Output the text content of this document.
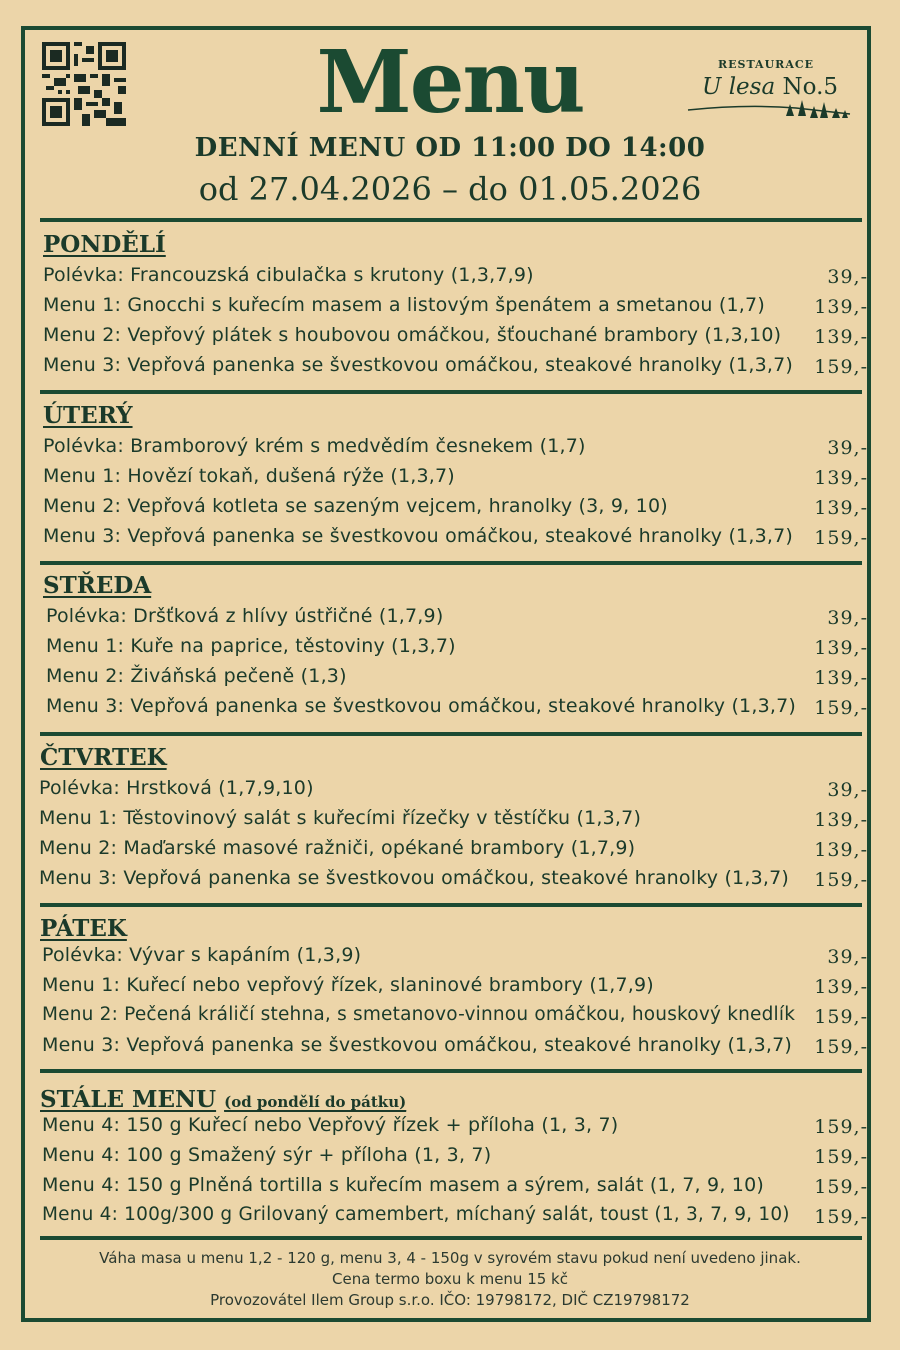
Menu	RESTAURACE
U lesa No.5
DENNÍ MENU OD 11:00 DO 14:00
od 27.04.2026 – do 01.05.2026
PONDĚLÍ
Polévka: Francouzská cibulačka s krutony (1,3,7,9)	39,-
Menu 1: Gnocchi s kuřecím masem a listovým špenátem a smetanou (1,7)	139,-
Menu 2: Vepřový plátek s houbovou omáčkou, šťouchané brambory (1,3,10) 139,-
Menu 3: Vepřová panenka se švestkovou omáčkou, steakové hranolky (1,3,7) 159,-
ÚTERÝ
Polévka: Bramborový krém s medvědím česnekem (1,7)	39,-
Menu 1: Hovězí tokaň, dušená rýže (1,3,7)	139,-
Menu 2: Vepřová kotleta se sazeným vejcem, hranolky (3, 9, 10)	139,-
Menu 3: Vepřová panenka se švestkovou omáčkou, steakové hranolky (1,3,7) 159,-
STŘEDA
Polévka: Dršťková z hlívy ústřičné (1,7,9)	39,-
Menu 1: Kuře na paprice, těstoviny (1,3,7)	139,-
Menu 2: Živáňská pečeně (1,3)	139,-
Menu 3: Vepřová panenka se švestkovou omáčkou, steakové hranolky (1,3,7) 159,-
ČTVRTEK
Polévka: Hrstková (1,7,9,10)	39,-
Menu 1: Těstovinový salát s kuřecími řízečky v těstíčku (1,3,7)	139,-
Menu 2: Maďarské masové ražniči, opékané brambory (1,7,9)	139,-
Menu 3: Vepřová panenka se švestkovou omáčkou, steakové hranolky (1,3,7) 159,-
PÁTEK
Polévka: Vývar s kapáním (1,3,9)	39,-
Menu 1: Kuřecí nebo vepřový řízek, slaninové brambory (1,7,9)	139,-
Menu 2: Pečená králičí stehna, s smetanovo-vinnou omáčkou, houskový knedlík 159,-
Menu 3: Vepřová panenka se švestkovou omáčkou, steakové hranolky (1,3,7) 159,-
STÁLE MENU (od pondělí do pátku)
Menu 4: 150 g Kuřecí nebo Vepřový řízek + příloha (1, 3, 7)	159,-
Menu 4: 100 g Smažený sýr + příloha (1, 3, 7)	159,-
Menu 4: 150 g Plněná tortilla s kuřecím masem a sýrem, salát (1, 7, 9, 10)	159,-
Menu 4: 100g/300 g Grilovaný camembert, míchaný salát, toust (1, 3, 7, 9, 10) 159,-
Váha masa u menu 1,2 - 120 g, menu 3, 4 - 150g v syrovém stavu pokud není uvedeno jinak.
Cena termo boxu k menu 15 kč
Provozovátel Ilem Group s.r.o. IČO: 19798172, DIČ CZ19798172
